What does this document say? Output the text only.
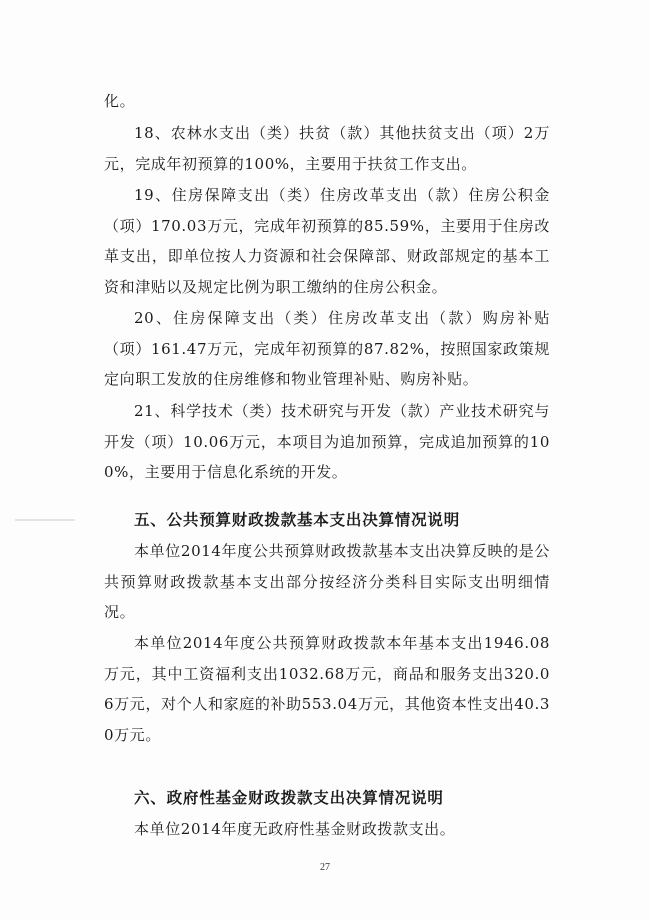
化。

18、农林水支出（类）扶贫（款）其他扶贫支出（项）2万元，完成年初预算的100%，主要用于扶贫工作支出。

19、住房保障支出（类）住房改革支出（款）住房公积金（项）170.03万元，完成年初预算的85.59%，主要用于住房改革支出，即单位按人力资源和社会保障部、财政部规定的基本工资和津贴以及规定比例为职工缴纳的住房公积金。

20、住房保障支出（类）住房改革支出（款）购房补贴（项）161.47万元，完成年初预算的87.82%，按照国家政策规定向职工发放的住房维修和物业管理补贴、购房补贴。

21、科学技术（类）技术研究与开发（款）产业技术研究与开发（项）10.06万元，本项目为追加预算，完成追加预算的100%，主要用于信息化系统的开发。

五、公共预算财政拨款基本支出决算情况说明

本单位2014年度公共预算财政拨款基本支出决算反映的是公共预算财政拨款基本支出部分按经济分类科目实际支出明细情况。

本单位2014年度公共预算财政拨款本年基本支出1946.08万元，其中工资福利支出1032.68万元，商品和服务支出320.06万元，对个人和家庭的补助553.04万元，其他资本性支出40.30万元。

六、政府性基金财政拨款支出决算情况说明

本单位2014年度无政府性基金财政拨款支出。

27
